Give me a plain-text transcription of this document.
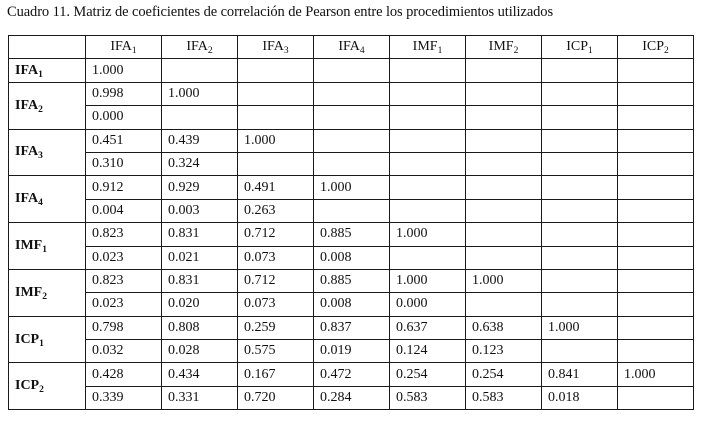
Cuadro 11. Matriz de coeficientes de correlación de Pearson entre los procedimientos utilizados
	$IFA_1$	$IFA_2$	$IFA_3$	$IFA_4$	$IMF_1$	$IMF_2$	$ICP_1$	$ICP_2$
$IFA_1$	1.000							
$IFA_2$	0.998	1.000						
	0.000							
$IFA_3$	0.451	0.439	1.000					
	0.310	0.324						
$IFA_4$	0.912	0.929	0.491	1.000				
	0.004	0.003	0.263					
$IMF_1$	0.823	0.831	0.712	0.885	1.000			
	0.023	0.021	0.073	0.008				
$IMF_2$	0.823	0.831	0.712	0.885	1.000	1.000		
	0.023	0.020	0.073	0.008	0.000			
$ICP_1$	0.798	0.808	0.259	0.837	0.637	0.638	1.000	
	0.032	0.028	0.575	0.019	0.124	0.123		
$ICP_2$	0.428	0.434	0.167	0.472	0.254	0.254	0.841	1.000
	0.339	0.331	0.720	0.284	0.583	0.583	0.018	
